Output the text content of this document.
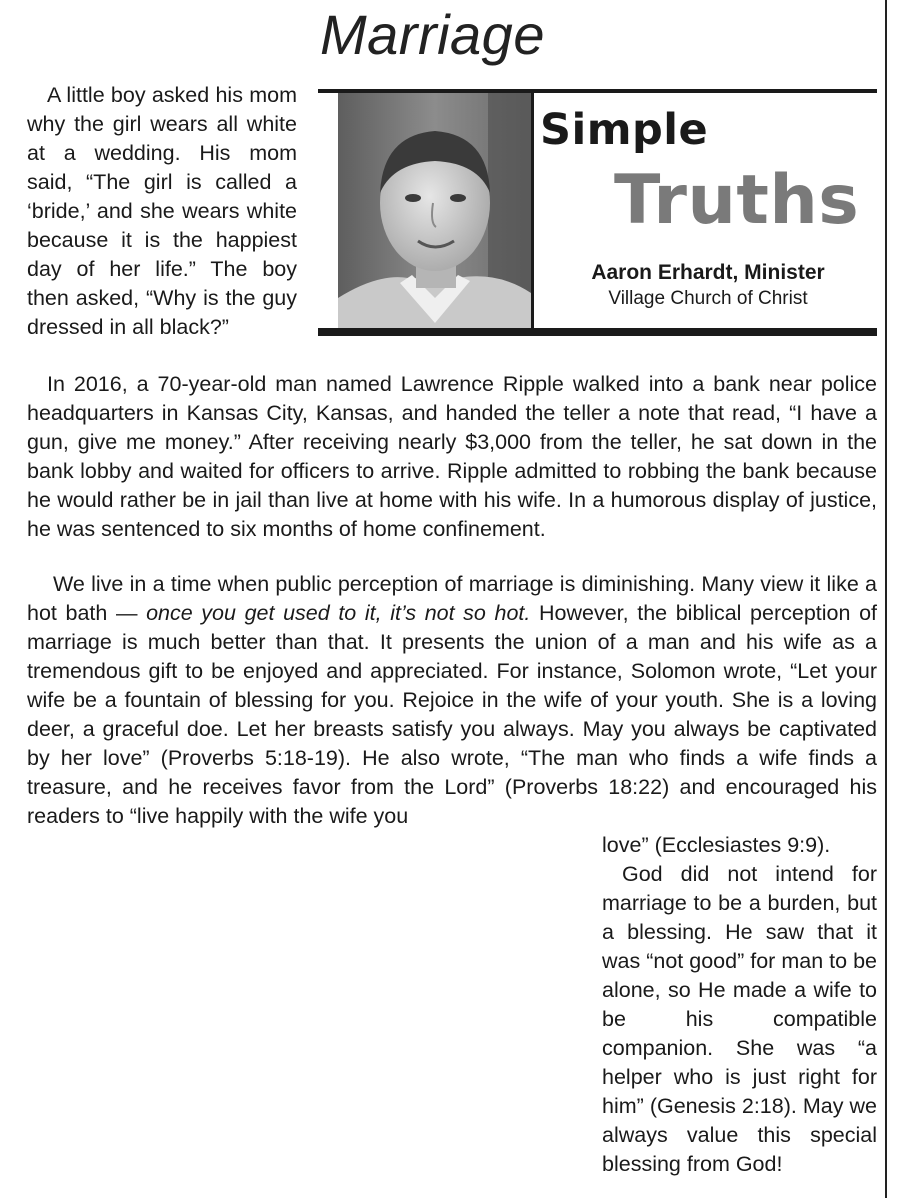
Marriage
Simple
Truths
Aaron Erhardt, Minister
Village Church of Christ

A little boy asked his mom why the girl wears all white at a wedding. His mom said, “The girl is called a ‘bride,’ and she wears white because it is the happiest day of her life.” The boy then asked, “Why is the guy dressed in all black?”

In 2016, a 70-year-old man named Lawrence Ripple walked into a bank near police headquarters in Kansas City, Kansas, and handed the teller a note that read, “I have a gun, give me money.” After receiving nearly $3,000 from the teller, he sat down in the bank lobby and waited for officers to arrive. Ripple admitted to robbing the bank because he would rather be in jail than live at home with his wife. In a humorous display of justice, he was sentenced to six months of home confinement.

We live in a time when public perception of marriage is diminishing. Many view it like a hot bath — once you get used to it, it’s not so hot. However, the biblical perception of marriage is much better than that. It presents the union of a man and his wife as a tremendous gift to be enjoyed and appreciated. For instance, Solomon wrote, “Let your wife be a fountain of blessing for you. Rejoice in the wife of your youth. She is a loving deer, a graceful doe. Let her breasts satisfy you always. May you always be captivated by her love” (Proverbs 5:18-19). He also wrote, “The man who finds a wife finds a treasure, and he receives favor from the Lord” (Proverbs 18:22) and encouraged his readers to “live happily with the wife you

love” (Ecclesiastes 9:9).

God did not intend for marriage to be a burden, but a blessing. He saw that it was “not good” for man to be alone, so He made a wife to be his compatible companion. She was “a helper who is just right for him” (Genesis 2:18). May we always value this special blessing from God!
